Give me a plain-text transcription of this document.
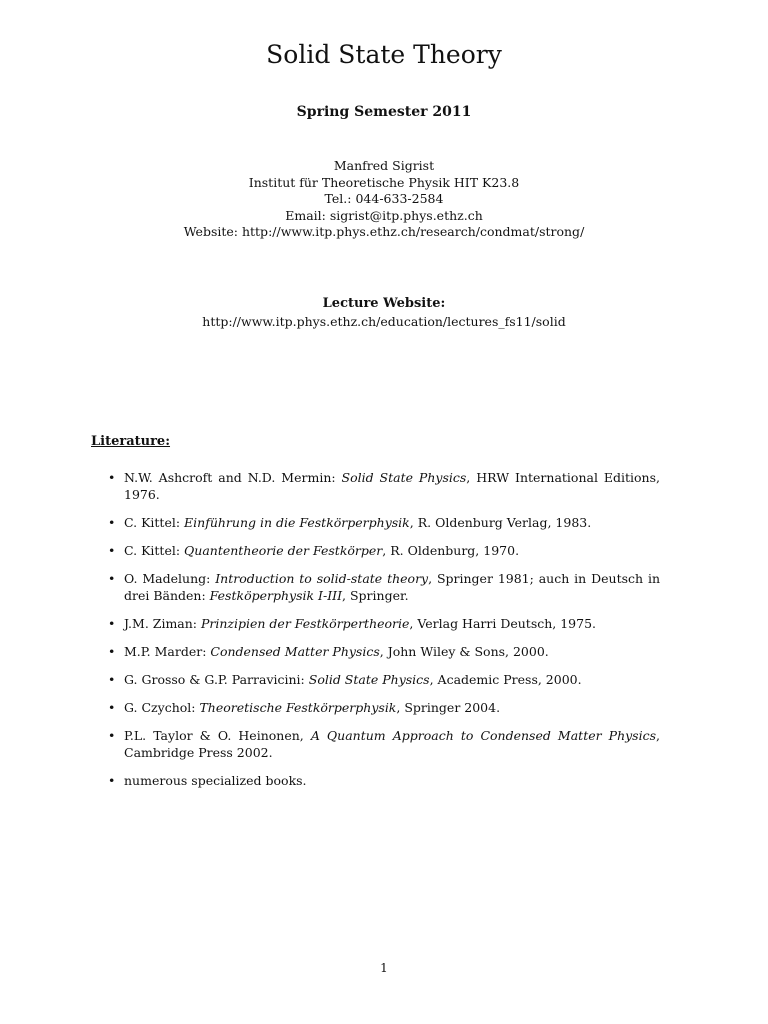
Solid State Theory
Spring Semester 2011
Manfred Sigrist
Institut für Theoretische Physik HIT K23.8
Tel.: 044-633-2584
Email: sigrist@itp.phys.ethz.ch
Website: http://www.itp.phys.ethz.ch/research/condmat/strong/
Lecture Website:
http://www.itp.phys.ethz.ch/education/lectures_fs11/solid
Literature:
• N.W. Ashcroft and N.D. Mermin: Solid State Physics, HRW International Editions, 1976.
• C. Kittel: Einführung in die Festkörperphysik, R. Oldenburg Verlag, 1983.
• C. Kittel: Quantentheorie der Festkörper, R. Oldenburg, 1970.
• O. Madelung: Introduction to solid-state theory, Springer 1981; auch in Deutsch in drei Bänden: Festköperphysik I-III, Springer.
• J.M. Ziman: Prinzipien der Festkörpertheorie, Verlag Harri Deutsch, 1975.
• M.P. Marder: Condensed Matter Physics, John Wiley & Sons, 2000.
• G. Grosso & G.P. Parravicini: Solid State Physics, Academic Press, 2000.
• G. Czychol: Theoretische Festkörperphysik, Springer 2004.
• P.L. Taylor & O. Heinonen, A Quantum Approach to Condensed Matter Physics, Cambridge Press 2002.
• numerous specialized books.
1
